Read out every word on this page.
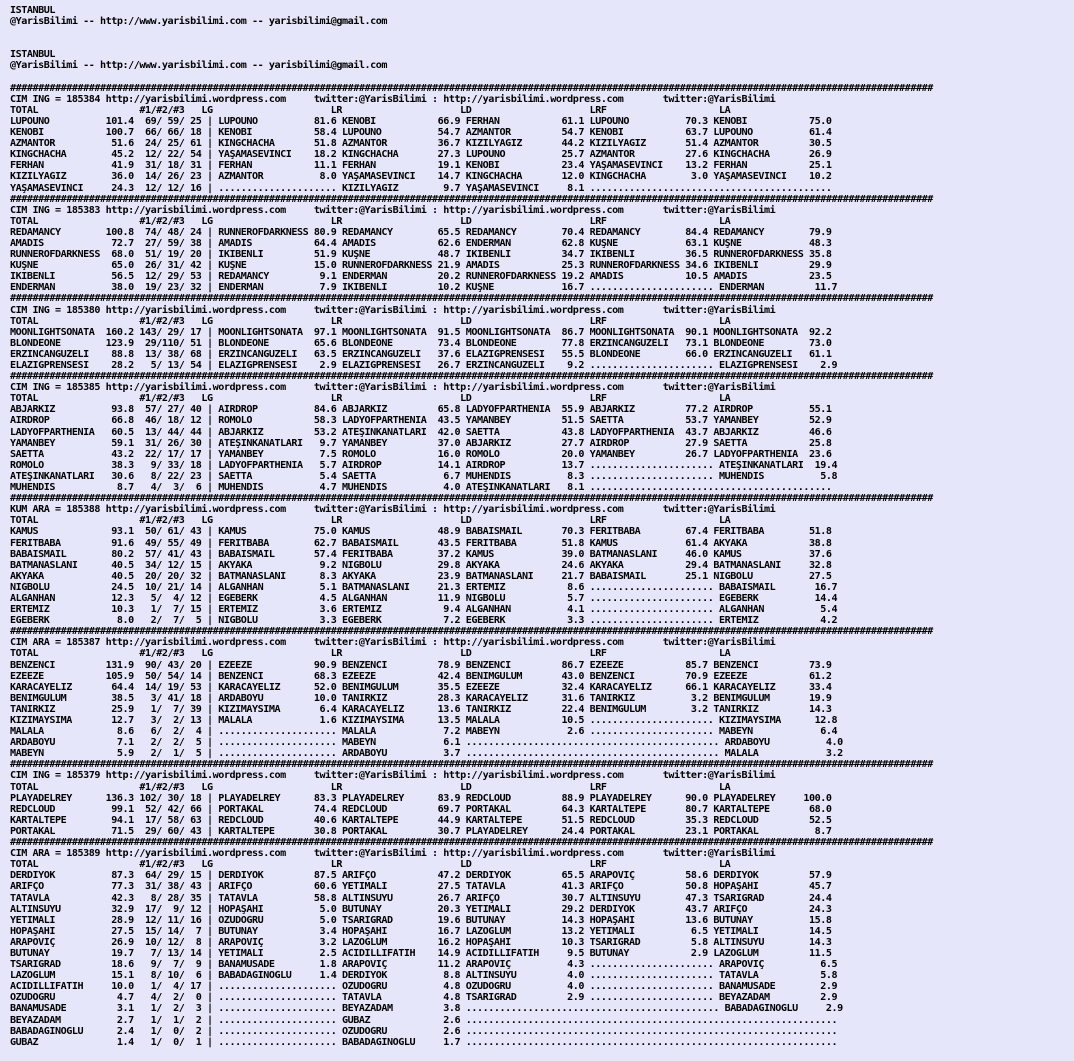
ISTANBUL
@YarisBilimi -- http://www.yarisbilimi.com -- yarisbilimi@gmail.com
ISTANBUL
@YarisBilimi -- http://www.yarisbilimi.com -- yarisbilimi@gmail.com
####################################################################################################################################################################
CIM ING = 185384 http://yarisbilimi.wordpress.com     twitter:@YarisBilimi : http://yarisbilimi.wordpress.com       twitter:@YarisBilimi
TOTAL                  #1/#2/#3   LG                     LR                     LD                     LRF                    LA
LUPOUNO          101.4  69/ 59/ 25 | LUPOUNO          81.6 KENOBI           66.9 FERHAN           61.1 LUPOUNO          70.3 KENOBI           75.0
KENOBI           100.7  66/ 66/ 18 | KENOBI           58.4 LUPOUNO          54.7 AZMANTOR         54.7 KENOBI           63.7 LUPOUNO          61.4
AZMANTOR          51.6  24/ 25/ 61 | KINGCHACHA       51.8 AZMANTOR         36.7 KIZILYAĞIZ       44.2 KIZILYAĞIZ       51.4 AZMANTOR         30.5
KINGCHACHA        45.2  12/ 22/ 54 | YAŞAMASEVİNCİ    18.2 KINGCHACHA       27.3 LUPOUNO          25.7 AZMANTOR         27.6 KINGCHACHA       26.9
FERHAN            41.9  31/ 18/ 31 | FERHAN           11.1 FERHAN           19.1 KENOBI           23.4 YAŞAMASEVİNCİ    13.2 FERHAN           25.1
KIZILYAĞIZ        36.0  14/ 26/ 23 | AZMANTOR          8.0 YAŞAMASEVİNCİ    14.7 KINGCHACHA       12.0 KINGCHACHA        3.0 YAŞAMASEVİNCİ    10.2
YAŞAMASEVİNCİ     24.3  12/ 12/ 16 | ..................... KIZILYAĞIZ        9.7 YAŞAMASEVİNCİ     8.1 ...........................................
####################################################################################################################################################################
CIM ING = 185383 http://yarisbilimi.wordpress.com     twitter:@YarisBilimi : http://yarisbilimi.wordpress.com       twitter:@YarisBilimi
TOTAL                  #1/#2/#3   LG                     LR                     LD                     LRF                    LA
REDAMANCY        100.8  74/ 48/ 24 | RUNNEROFDARKNESS 80.9 REDAMANCY        65.5 REDAMANCY        70.4 REDAMANCY        84.4 REDAMANCY        79.9
AMADIS            72.7  27/ 59/ 38 | AMADIS           64.4 AMADIS           62.6 ENDERMAN         62.8 KUŞNE            63.1 KUŞNE            48.3
RUNNEROFDARKNESS  68.0  51/ 19/ 20 | İKİBENLİ         51.9 KUŞNE            48.7 İKİBENLİ         34.7 İKİBENLİ         36.5 RUNNEROFDARKNESS 35.8
KUŞNE             65.0  26/ 31/ 42 | KUŞNE            15.0 RUNNEROFDARKNESS 21.9 AMADIS           25.3 RUNNEROFDARKNESS 34.6 İKİBENLİ         29.9
İKİBENLİ          56.5  12/ 29/ 53 | REDAMANCY         9.1 ENDERMAN         20.2 RUNNEROFDARKNESS 19.2 AMADIS           10.5 AMADIS           23.5
ENDERMAN          38.0  19/ 23/ 32 | ENDERMAN          7.9 İKİBENLİ         10.2 KUŞNE            16.7 ...................... ENDERMAN         11.7
####################################################################################################################################################################
CIM ING = 185380 http://yarisbilimi.wordpress.com     twitter:@YarisBilimi : http://yarisbilimi.wordpress.com       twitter:@YarisBilimi
TOTAL                  #1/#2/#3   LG                     LR                     LD                     LRF                    LA
MOONLIGHTSONATA  160.2 143/ 29/ 17 | MOONLIGHTSONATA  97.1 MOONLIGHTSONATA  91.5 MOONLIGHTSONATA  86.7 MOONLIGHTSONATA  90.1 MOONLIGHTSONATA  92.2
BLONDEONE        123.9  29/110/ 51 | BLONDEONE        65.6 BLONDEONE        73.4 BLONDEONE        77.8 ERZİNCANGÜZELİ   73.1 BLONDEONE        73.0
ERZİNCANGÜZELİ    88.8  13/ 38/ 68 | ERZİNCANGÜZELİ   63.5 ERZİNCANGÜZELİ   37.6 ELAZIĞPRENSESİ   55.5 BLONDEONE        66.0 ERZİNCANGÜZELİ   61.1
ELAZIĞPRENSESİ    28.2   5/ 13/ 54 | ELAZIĞPRENSESİ    2.9 ELAZIĞPRENSESİ   26.7 ERZİNCANGÜZELİ    9.2 ...................... ELAZIĞPRENSESİ    2.9
####################################################################################################################################################################
CIM ING = 185385 http://yarisbilimi.wordpress.com     twitter:@YarisBilimi : http://yarisbilimi.wordpress.com       twitter:@YarisBilimi
TOTAL                  #1/#2/#3   LG                     LR                     LD                     LRF                    LA
ABJARKIZ          93.8  57/ 27/ 40 | AIRDROP          84.6 ABJARKIZ         65.8 LADYOFPARTHENIA  55.9 ABJARKIZ         77.2 AIRDROP          55.1
AIRDROP           66.8  46/ 18/ 12 | ROMOLO           58.3 LADYOFPARTHENIA  43.5 YAMANBEY         51.5 SAETTA           53.7 YAMANBEY         52.9
LADYOFPARTHENIA   60.5  13/ 44/ 44 | ABJARKIZ         53.2 ATEŞİNKANATLARI  42.0 SAETTA           43.8 LADYOFPARTHENIA  43.7 ABJARKIZ         46.6
YAMANBEY          59.1  31/ 26/ 30 | ATEŞİNKANATLARI   9.7 YAMANBEY         37.0 ABJARKIZ         27.7 AIRDROP          27.9 SAETTA           25.8
SAETTA            43.2  22/ 17/ 17 | YAMANBEY          7.5 ROMOLO           16.0 ROMOLO           20.0 YAMANBEY         26.7 LADYOFPARTHENIA  23.6
ROMOLO            38.3   9/ 33/ 18 | LADYOFPARTHENIA   5.7 AIRDROP          14.1 AIRDROP          13.7 ...................... ATEŞİNKANATLARI  19.4
ATEŞİNKANATLARI   30.6   8/ 22/ 23 | SAETTA            5.4 SAETTA            6.7 MÜHENDİS          8.3 ...................... MÜHENDİS          5.8
MÜHENDİS           8.7   4/  3/  6 | MÜHENDİS          4.7 MÜHENDİS          4.0 ATEŞİNKANATLARI   8.1 ...........................................
####################################################################################################################################################################
KUM ARA = 185388 http://yarisbilimi.wordpress.com     twitter:@YarisBilimi : http://yarisbilimi.wordpress.com       twitter:@YarisBilimi
TOTAL                  #1/#2/#3   LG                     LR                     LD                     LRF                    LA
KAMUS             93.1  50/ 61/ 43 | KAMUS            75.0 KAMUS            48.9 BABAİSMAİL       70.3 FERİTBABA        67.4 FERİTBABA        51.8
FERİTBABA         91.6  49/ 55/ 49 | FERİTBABA        62.7 BABAİSMAİL       43.5 FERİTBABA        51.8 KAMUS            61.4 AKYAKA           38.8
BABAİSMAİL        80.2  57/ 41/ 43 | BABAİSMAİL       57.4 FERİTBABA        37.2 KAMUS            39.0 BATMANASLANI     46.0 KAMUS            37.6
BATMANASLANI      40.5  34/ 12/ 15 | AKYAKA            9.2 NİĞBOLU          29.8 AKYAKA           24.6 AKYAKA           29.4 BATMANASLANI     32.8
AKYAKA            40.5  20/ 20/ 32 | BATMANASLANI      8.3 AKYAKA           23.9 BATMANASLANI     21.7 BABAİSMAİL       25.1 NİĞBOLU          27.5
NİĞBOLU           24.5  10/ 21/ 14 | ALGANHAN          5.1 BATMANASLANI     21.3 ERTEMİZ           8.6 ...................... BABAİSMAİL       16.7
ALGANHAN          12.3   5/  4/ 12 | EGEBERK           4.5 ALGANHAN         11.9 NİĞBOLU           5.7 ...................... EGEBERK          14.4
ERTEMİZ           10.3   1/  7/ 15 | ERTEMİZ           3.6 ERTEMİZ           9.4 ALGANHAN          4.1 ...................... ALGANHAN          5.4
EGEBERK            8.0   2/  7/  5 | NİĞBOLU           3.3 EGEBERK           7.2 EGEBERK           3.3 ...................... ERTEMİZ           4.2
####################################################################################################################################################################
CIM ARA = 185387 http://yarisbilimi.wordpress.com     twitter:@YarisBilimi : http://yarisbilimi.wordpress.com       twitter:@YarisBilimi
TOTAL                  #1/#2/#3   LG                     LR                     LD                     LRF                    LA
BENZENCİ         131.9  90/ 43/ 20 | EZEEZE           90.9 BENZENCİ         78.9 BENZENCİ         86.7 EZEEZE           85.7 BENZENCİ         73.9
EZEEZE           105.9  50/ 54/ 14 | BENZENCİ         68.3 EZEEZE           42.4 BENİMGÜLÜM       43.0 BENZENCİ         70.9 EZEEZE           61.2
KARACAYELİZ       64.4  14/ 19/ 53 | KARACAYELİZ      52.0 BENİMGÜLÜM       35.5 EZEEZE           32.4 KARACAYELİZ      66.1 KARACAYELİZ      33.4
BENİMGÜLÜM        38.5   3/ 41/ 18 | ARDABOYU         10.0 TANIRKIZ         28.3 KARACAYELİZ      31.6 TANIRKIZ          3.2 BENİMGÜLÜM       19.9
TANIRKIZ          25.9   1/  7/ 39 | KIZIMAYSİMA       6.4 KARACAYELİZ      13.6 TANIRKIZ         22.4 BENİMGÜLÜM        3.2 TANIRKIZ         14.3
KIZIMAYSİMA       12.7   3/  2/ 13 | MALALA            1.6 KIZIMAYSİMA      13.5 MALALA           10.5 ...................... KIZIMAYSİMA      12.8
MALALA             8.6   6/  2/  4 | ..................... MALALA            7.2 MABEYN            2.6 ...................... MABEYN            6.4
ARDABOYU           7.1   2/  2/  5 | ..................... MABEYN            6.1 ............................................. ARDABOYU          4.0
MABEYN             5.9   2/  1/  5 | ..................... ARDABOYU          3.7 ............................................. MALALA            3.2
####################################################################################################################################################################
CIM ING = 185379 http://yarisbilimi.wordpress.com     twitter:@YarisBilimi : http://yarisbilimi.wordpress.com       twitter:@YarisBilimi
TOTAL                  #1/#2/#3   LG                     LR                     LD                     LRF                    LA
PLAYADELREY      136.3 102/ 30/ 18 | PLAYADELREY      83.3 PLAYADELREY      83.9 REDCLOUD         88.9 PLAYADELREY      90.0 PLAYADELREY     100.0
REDCLOUD          99.1  52/ 42/ 66 | PORTAKAL         74.4 REDCLOUD         69.7 PORTAKAL         64.3 KARTALTEPE       80.7 KARTALTEPE       68.0
KARTALTEPE        94.1  17/ 58/ 63 | REDCLOUD         40.6 KARTALTEPE       44.9 KARTALTEPE       51.5 REDCLOUD         35.3 REDCLOUD         52.5
PORTAKAL          71.5  29/ 60/ 43 | KARTALTEPE       30.8 PORTAKAL         30.7 PLAYADELREY      24.4 PORTAKAL         23.1 PORTAKAL          8.7
####################################################################################################################################################################
CIM ARA = 185389 http://yarisbilimi.wordpress.com     twitter:@YarisBilimi : http://yarisbilimi.wordpress.com       twitter:@YarisBilimi
TOTAL                  #1/#2/#3   LG                     LR                     LD                     LRF                    LA
DERDİYOK          87.3  64/ 29/ 15 | DERDİYOK         87.5 ARİFÇO           47.2 DERDİYOK         65.5 ARAPOVİÇ         58.6 DERDİYOK         57.9
ARİFÇO            77.3  31/ 38/ 43 | ARİFÇO           60.6 YETİMALİ         27.5 TATAVLA          41.3 ARİFÇO           50.8 HOPAŞAHİ         45.7
TATAVLA           42.3   8/ 28/ 35 | TATAVLA          58.8 ALTINSUYU        26.7 ARİFÇO           30.7 ALTINSUYU        47.3 TSARİGRAD        24.4
ALTINSUYU         32.9  17/  9/ 12 | HOPAŞAHİ          5.0 BUTUNAY          20.3 YETİMALİ         29.2 DERDİYOK         43.7 ARİFÇO           24.3
YETİMALİ          28.9  12/ 11/ 16 | ÖZÜDOĞRU          5.0 TSARİGRAD        19.6 BUTUNAY          14.3 HOPAŞAHİ         13.6 BUTUNAY          15.8
HOPAŞAHİ          27.5  15/ 14/  7 | BUTUNAY           3.4 HOPAŞAHİ         16.7 LAZOĞLUM         13.2 YETİMALİ          6.5 YETİMALİ         14.5
ARAPOVİÇ          26.9  10/ 12/  8 | ARAPOVİÇ          3.2 LAZOĞLUM         16.2 HOPAŞAHİ         10.3 TSARİGRAD         5.8 ALTINSUYU        14.3
BUTUNAY           19.7   7/ 13/ 14 | YETİMALİ          2.5 ACIDİLLİFATİH    14.9 ACIDİLLİFATİH     9.5 BUTUNAY           2.9 LAZOĞLUM         11.5
TSARİGRAD         18.6   9/  7/  9 | BANAMUSADE        1.8 ARAPOVİÇ         11.2 ARAPOVİÇ          4.3 ...................... ARAPOVİÇ          6.5
LAZOĞLUM          15.1   8/ 10/  6 | BABADAĞINOĞLU     1.4 DERDİYOK          8.8 ALTINSUYU         4.0 ...................... TATAVLA           5.8
ACIDİLLİFATİH     10.0   1/  4/ 17 | ..................... ÖZÜDOĞRU          4.8 ÖZÜDOĞRU          4.0 ...................... BANAMUSADE        2.9
ÖZÜDOĞRU           4.7   4/  2/  0 | ..................... TATAVLA           4.8 TSARİGRAD         2.9 ...................... BEYAZADAM         2.9
BANAMUSADE         3.1   1/  2/  3 | ..................... BEYAZADAM         3.8 ............................................. BABADAĞINOĞLU     2.9
BEYAZADAM          2.7   1/  1/  2 | ..................... GUBAZ             2.6 ..................................................................
BABADAĞINOĞLU      2.4   1/  0/  2 | ..................... ÖZÜDOĞRU          2.6 ..................................................................
GUBAZ              1.4   1/  0/  1 | ..................... BABADAĞINOĞLU     1.7 ..................................................................
